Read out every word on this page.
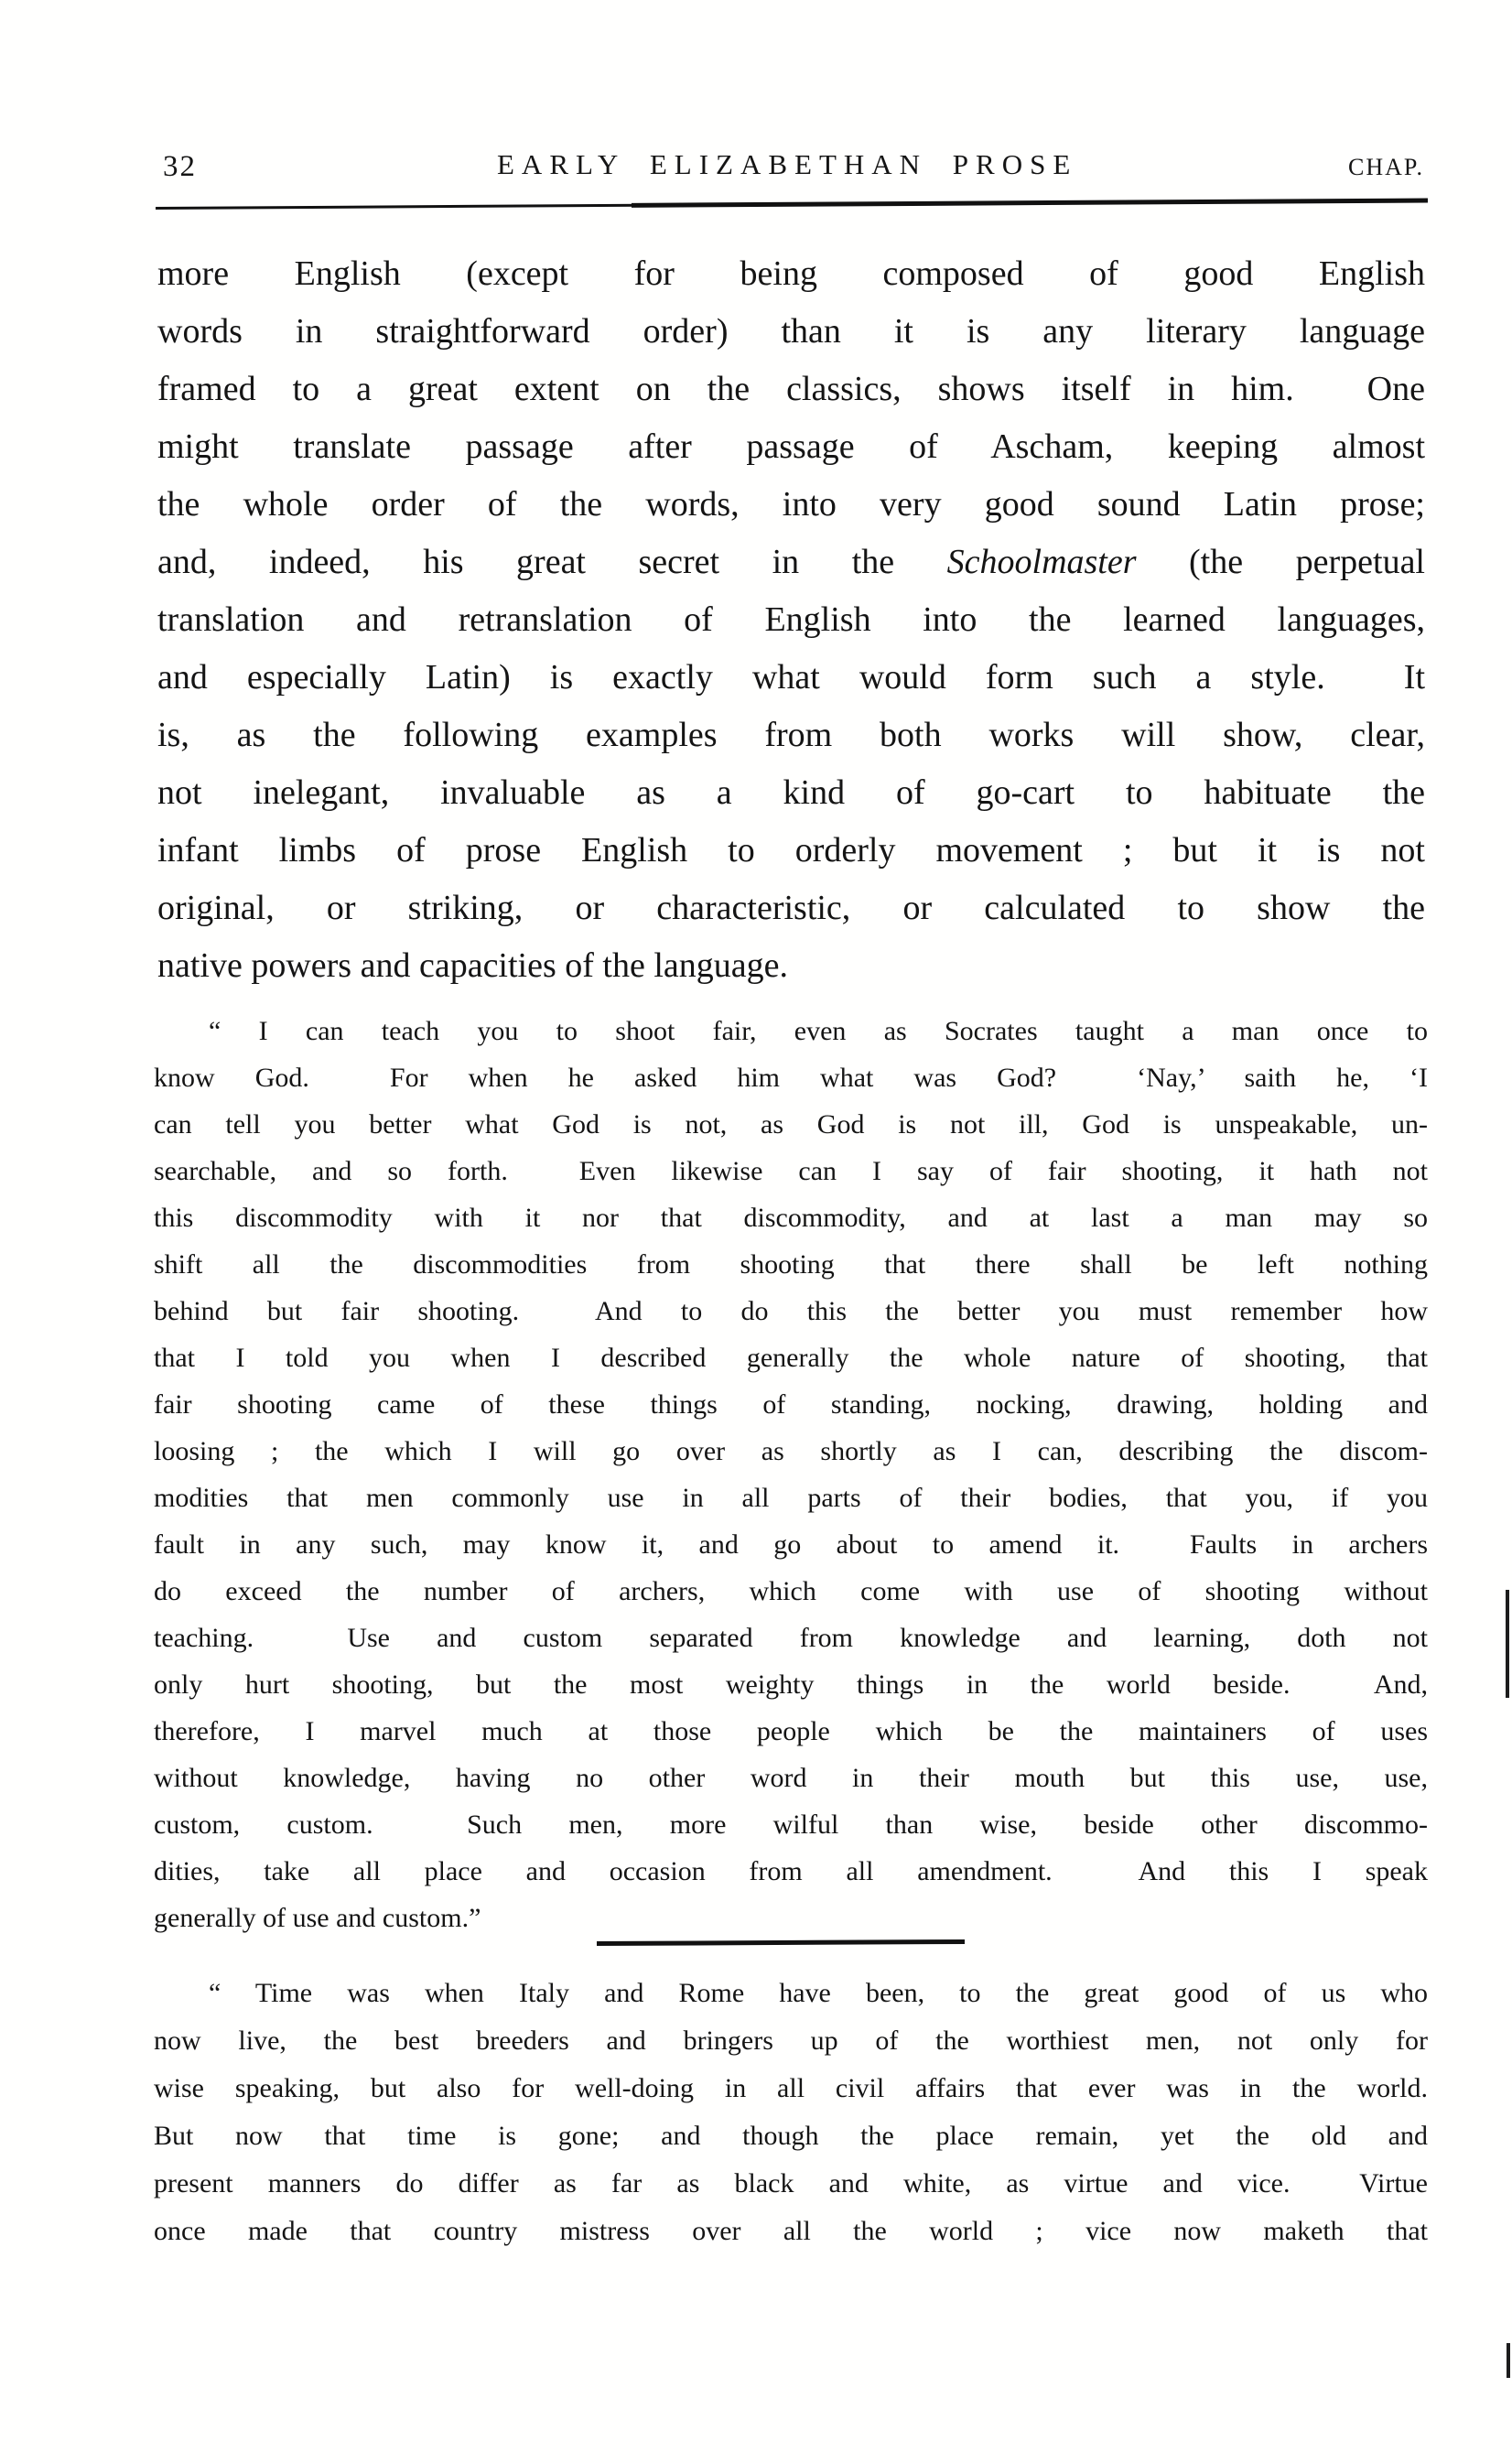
32	EARLY ELIZABETHAN PROSE	CHAP.
more English (except for being composed of good English
words in straightforward order) than it is any literary language
framed to a great extent on the classics, shows itself in him.  One
might translate passage after passage of Ascham, keeping almost
the whole order of the words, into very good sound Latin prose;
and, indeed, his great secret in the Schoolmaster (the perpetual
translation and retranslation of English into the learned languages,
and especially Latin) is exactly what would form such a style.  It
is, as the following examples from both works will show, clear,
not inelegant, invaluable as a kind of go-cart to habituate the
infant limbs of prose English to orderly movement ; but it is not
original, or striking, or characteristic, or calculated to show the
native powers and capacities of the language.
“ I can teach you to shoot fair, even as Socrates taught a man once to
know God.  For when he asked him what was God?  ‘Nay,’ saith he, ‘I
can tell you better what God is not, as God is not ill, God is unspeakable, un-
searchable, and so forth.  Even likewise can I say of fair shooting, it hath not
this discommodity with it nor that discommodity, and at last a man may so
shift all the discommodities from shooting that there shall be left nothing
behind but fair shooting.  And to do this the better you must remember how
that I told you when I described generally the whole nature of shooting, that
fair shooting came of these things of standing, nocking, drawing, holding and
loosing ; the which I will go over as shortly as I can, describing the discom-
modities that men commonly use in all parts of their bodies, that you, if you
fault in any such, may know it, and go about to amend it.  Faults in archers
do exceed the number of archers, which come with use of shooting without
teaching.  Use and custom separated from knowledge and learning, doth not
only hurt shooting, but the most weighty things in the world beside.  And,
therefore, I marvel much at those people which be the maintainers of uses
without knowledge, having no other word in their mouth but this use, use,
custom, custom.  Such men, more wilful than wise, beside other discommo-
dities, take all place and occasion from all amendment.  And this I speak
generally of use and custom.”
“ Time was when Italy and Rome have been, to the great good of us who
now live, the best breeders and bringers up of the worthiest men, not only for
wise speaking, but also for well-doing in all civil affairs that ever was in the world.
But now that time is gone; and though the place remain, yet the old and
present manners do differ as far as black and white, as virtue and vice.  Virtue
once made that country mistress over all the world ; vice now maketh that
